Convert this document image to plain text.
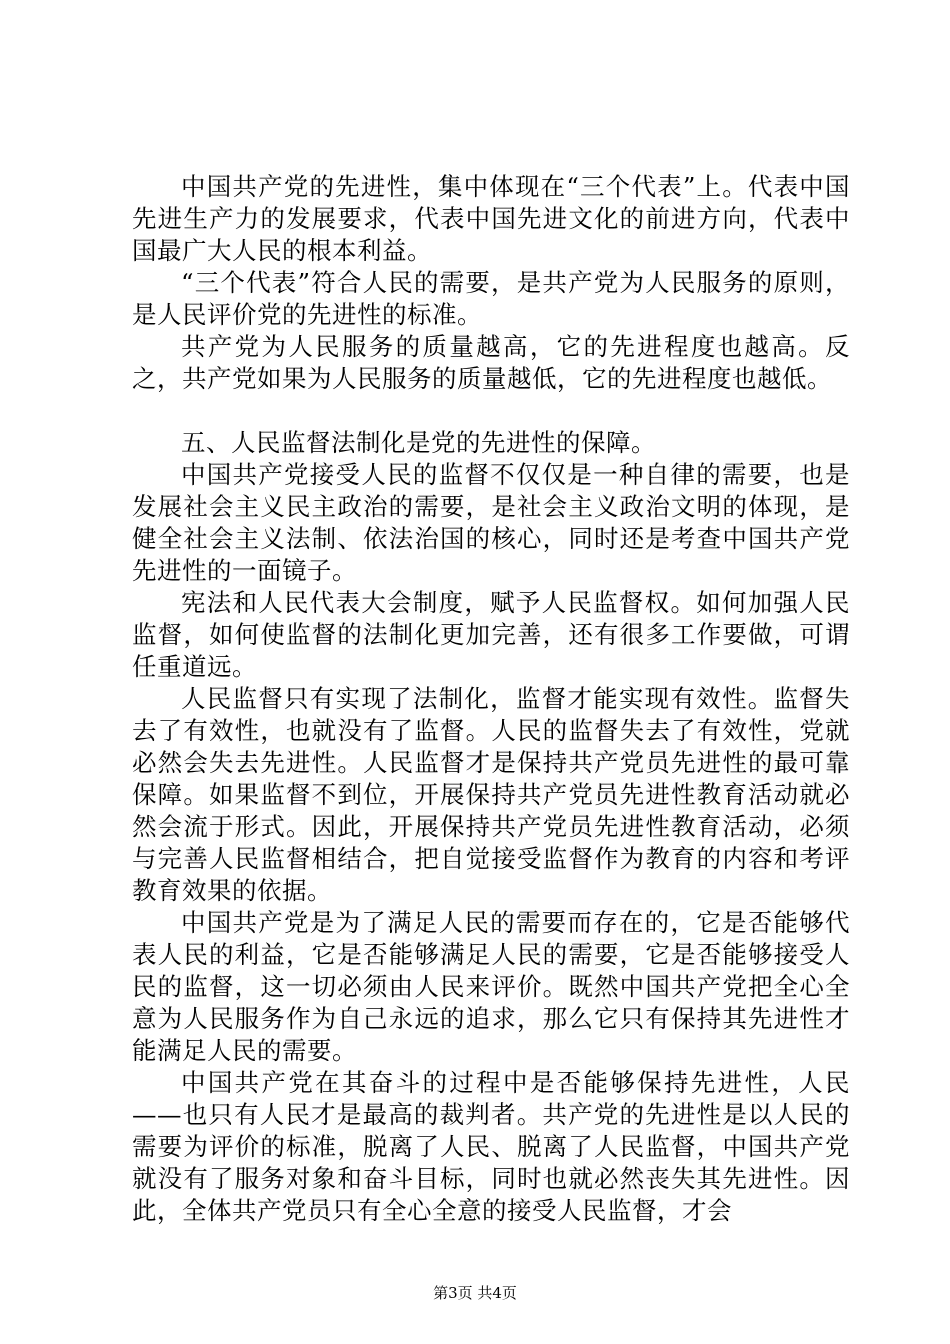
中国共产党的先进性，集中体现在“三个代表”上。代表中国先进生产力的发展要求，代表中国先进文化的前进方向，代表中国最广大人民的根本利益。

“三个代表”符合人民的需要，是共产党为人民服务的原则，是人民评价党的先进性的标准。

共产党为人民服务的质量越高，它的先进程度也越高。反之，共产党如果为人民服务的质量越低，它的先进程度也越低。

五、人民监督法制化是党的先进性的保障。

中国共产党接受人民的监督不仅仅是一种自律的需要，也是发展社会主义民主政治的需要，是社会主义政治文明的体现，是健全社会主义法制、依法治国的核心，同时还是考查中国共产党先进性的一面镜子。

宪法和人民代表大会制度，赋予人民监督权。如何加强人民监督，如何使监督的法制化更加完善，还有很多工作要做，可谓任重道远。

人民监督只有实现了法制化，监督才能实现有效性。监督失去了有效性，也就没有了监督。人民的监督失去了有效性，党就必然会失去先进性。人民监督才是保持共产党员先进性的最可靠保障。如果监督不到位，开展保持共产党员先进性教育活动就必然会流于形式。因此，开展保持共产党员先进性教育活动，必须与完善人民监督相结合，把自觉接受监督作为教育的内容和考评教育效果的依据。

中国共产党是为了满足人民的需要而存在的，它是否能够代表人民的利益，它是否能够满足人民的需要，它是否能够接受人民的监督，这一切必须由人民来评价。既然中国共产党把全心全意为人民服务作为自己永远的追求，那么它只有保持其先进性才能满足人民的需要。

中国共产党在其奋斗的过程中是否能够保持先进性，人民——也只有人民才是最高的裁判者。共产党的先进性是以人民的需要为评价的标准，脱离了人民、脱离了人民监督，中国共产党就没有了服务对象和奋斗目标，同时也就必然丧失其先进性。因此，全体共产党员只有全心全意的接受人民监督，才会

第3页 共4页
